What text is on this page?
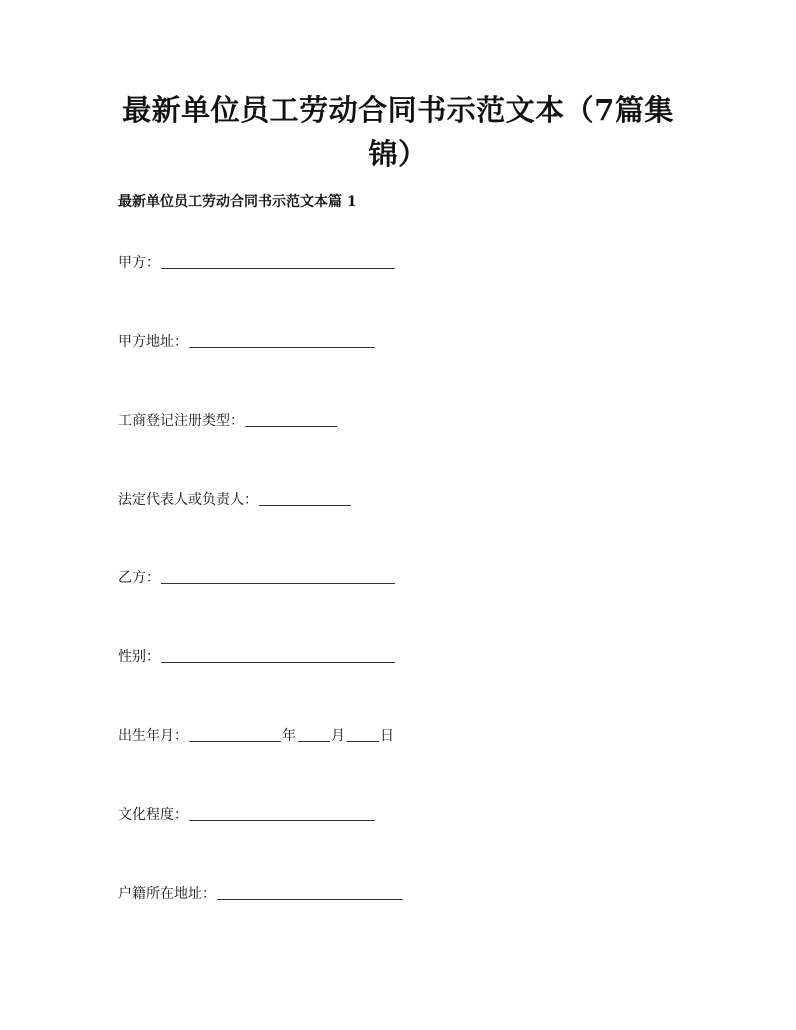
最新单位员工劳动合同书示范文本（7篇集锦）
最新单位员工劳动合同书示范文本篇 1
甲方：
甲方地址：
工商登记注册类型：
法定代表人或负责人：
乙方：
性别：
出生年月：	年	月	日
文化程度：
户籍所在地址：
